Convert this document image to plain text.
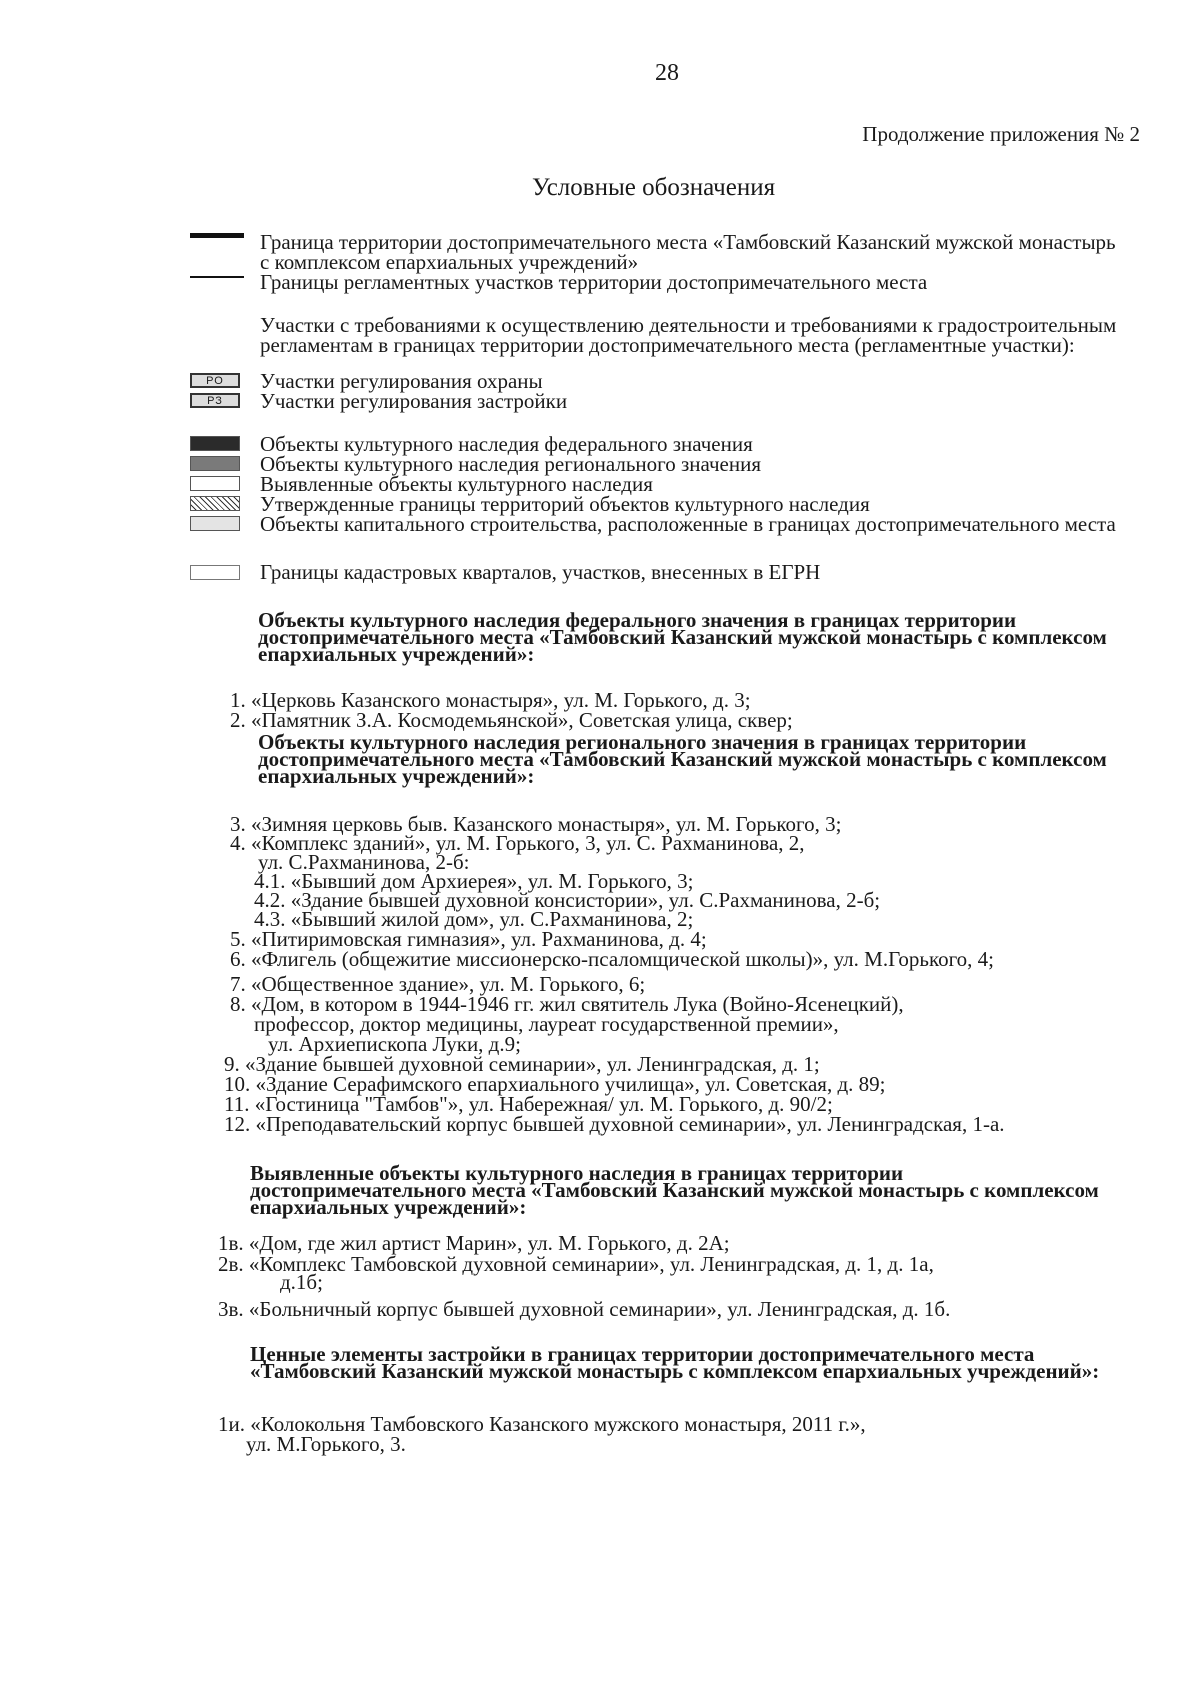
28
Продолжение приложения № 2
Условные обозначения
Граница территории достопримечательного места «Тамбовский Казанский мужской монастырь с комплексом епархиальных учреждений»
Границы регламентных участков территории достопримечательного места
Участки с требованиями к осуществлению деятельности и требованиями к градостроительным регламентам в границах территории достопримечательного места (регламентные участки):
РО	Участки регулирования охраны
РЗ	Участки регулирования застройки
Объекты культурного наследия федерального значения
Объекты культурного наследия регионального значения
Выявленные объекты культурного наследия
Утвержденные границы территорий объектов культурного наследия
Объекты капитального строительства, расположенные в границах достопримечательного места
Границы кадастровых кварталов, участков, внесенных в ЕГРН
Объекты культурного наследия федерального значения в границах территории достопримечательного места «Тамбовский Казанский мужской монастырь с комплексом епархиальных учреждений»:
1. «Церковь Казанского монастыря», ул. М. Горького, д. 3;
2. «Памятник З.А. Космодемьянской», Советская улица, сквер;
Объекты культурного наследия регионального значения в границах территории достопримечательного места «Тамбовский Казанский мужской монастырь с комплексом епархиальных учреждений»:
3. «Зимняя церковь быв. Казанского монастыря», ул. М. Горького, 3;
4. «Комплекс зданий», ул. М. Горького, 3, ул. С. Рахманинова, 2,
ул. С.Рахманинова, 2-б:
4.1. «Бывший дом Архиерея», ул. М. Горького, 3;
4.2. «Здание бывшей духовной консистории», ул. С.Рахманинова, 2-б;
4.3. «Бывший жилой дом», ул. С.Рахманинова, 2;
5. «Питиримовская гимназия», ул. Рахманинова, д. 4;
6. «Флигель (общежитие миссионерско-псаломщической школы)», ул. М.Горького, 4;
7. «Общественное здание», ул. М. Горького, 6;
8. «Дом, в котором в 1944-1946 гг. жил святитель Лука (Войно-Ясенецкий),
профессор, доктор медицины, лауреат государственной премии»,
ул. Архиепископа Луки, д.9;
9. «Здание бывшей духовной семинарии», ул. Ленинградская, д. 1;
10. «Здание Серафимского епархиального училища», ул. Советская, д. 89;
11. «Гостиница "Тамбов"», ул. Набережная/ ул. М. Горького, д. 90/2;
12. «Преподавательский корпус бывшей духовной семинарии», ул. Ленинградская, 1-а.
Выявленные объекты культурного наследия в границах территории достопримечательного места «Тамбовский Казанский мужской монастырь с комплексом епархиальных учреждений»:
1в. «Дом, где жил артист Марин», ул. М. Горького, д. 2А;
2в. «Комплекс Тамбовской духовной семинарии», ул. Ленинградская, д. 1, д. 1а,
д.1б;
3в. «Больничный корпус бывшей духовной семинарии», ул. Ленинградская, д. 1б.
Ценные элементы застройки в границах территории достопримечательного места «Тамбовский Казанский мужской монастырь с комплексом епархиальных учреждений»:
1и. «Колокольня Тамбовского Казанского мужского монастыря, 2011 г.»,
ул. М.Горького, 3.
